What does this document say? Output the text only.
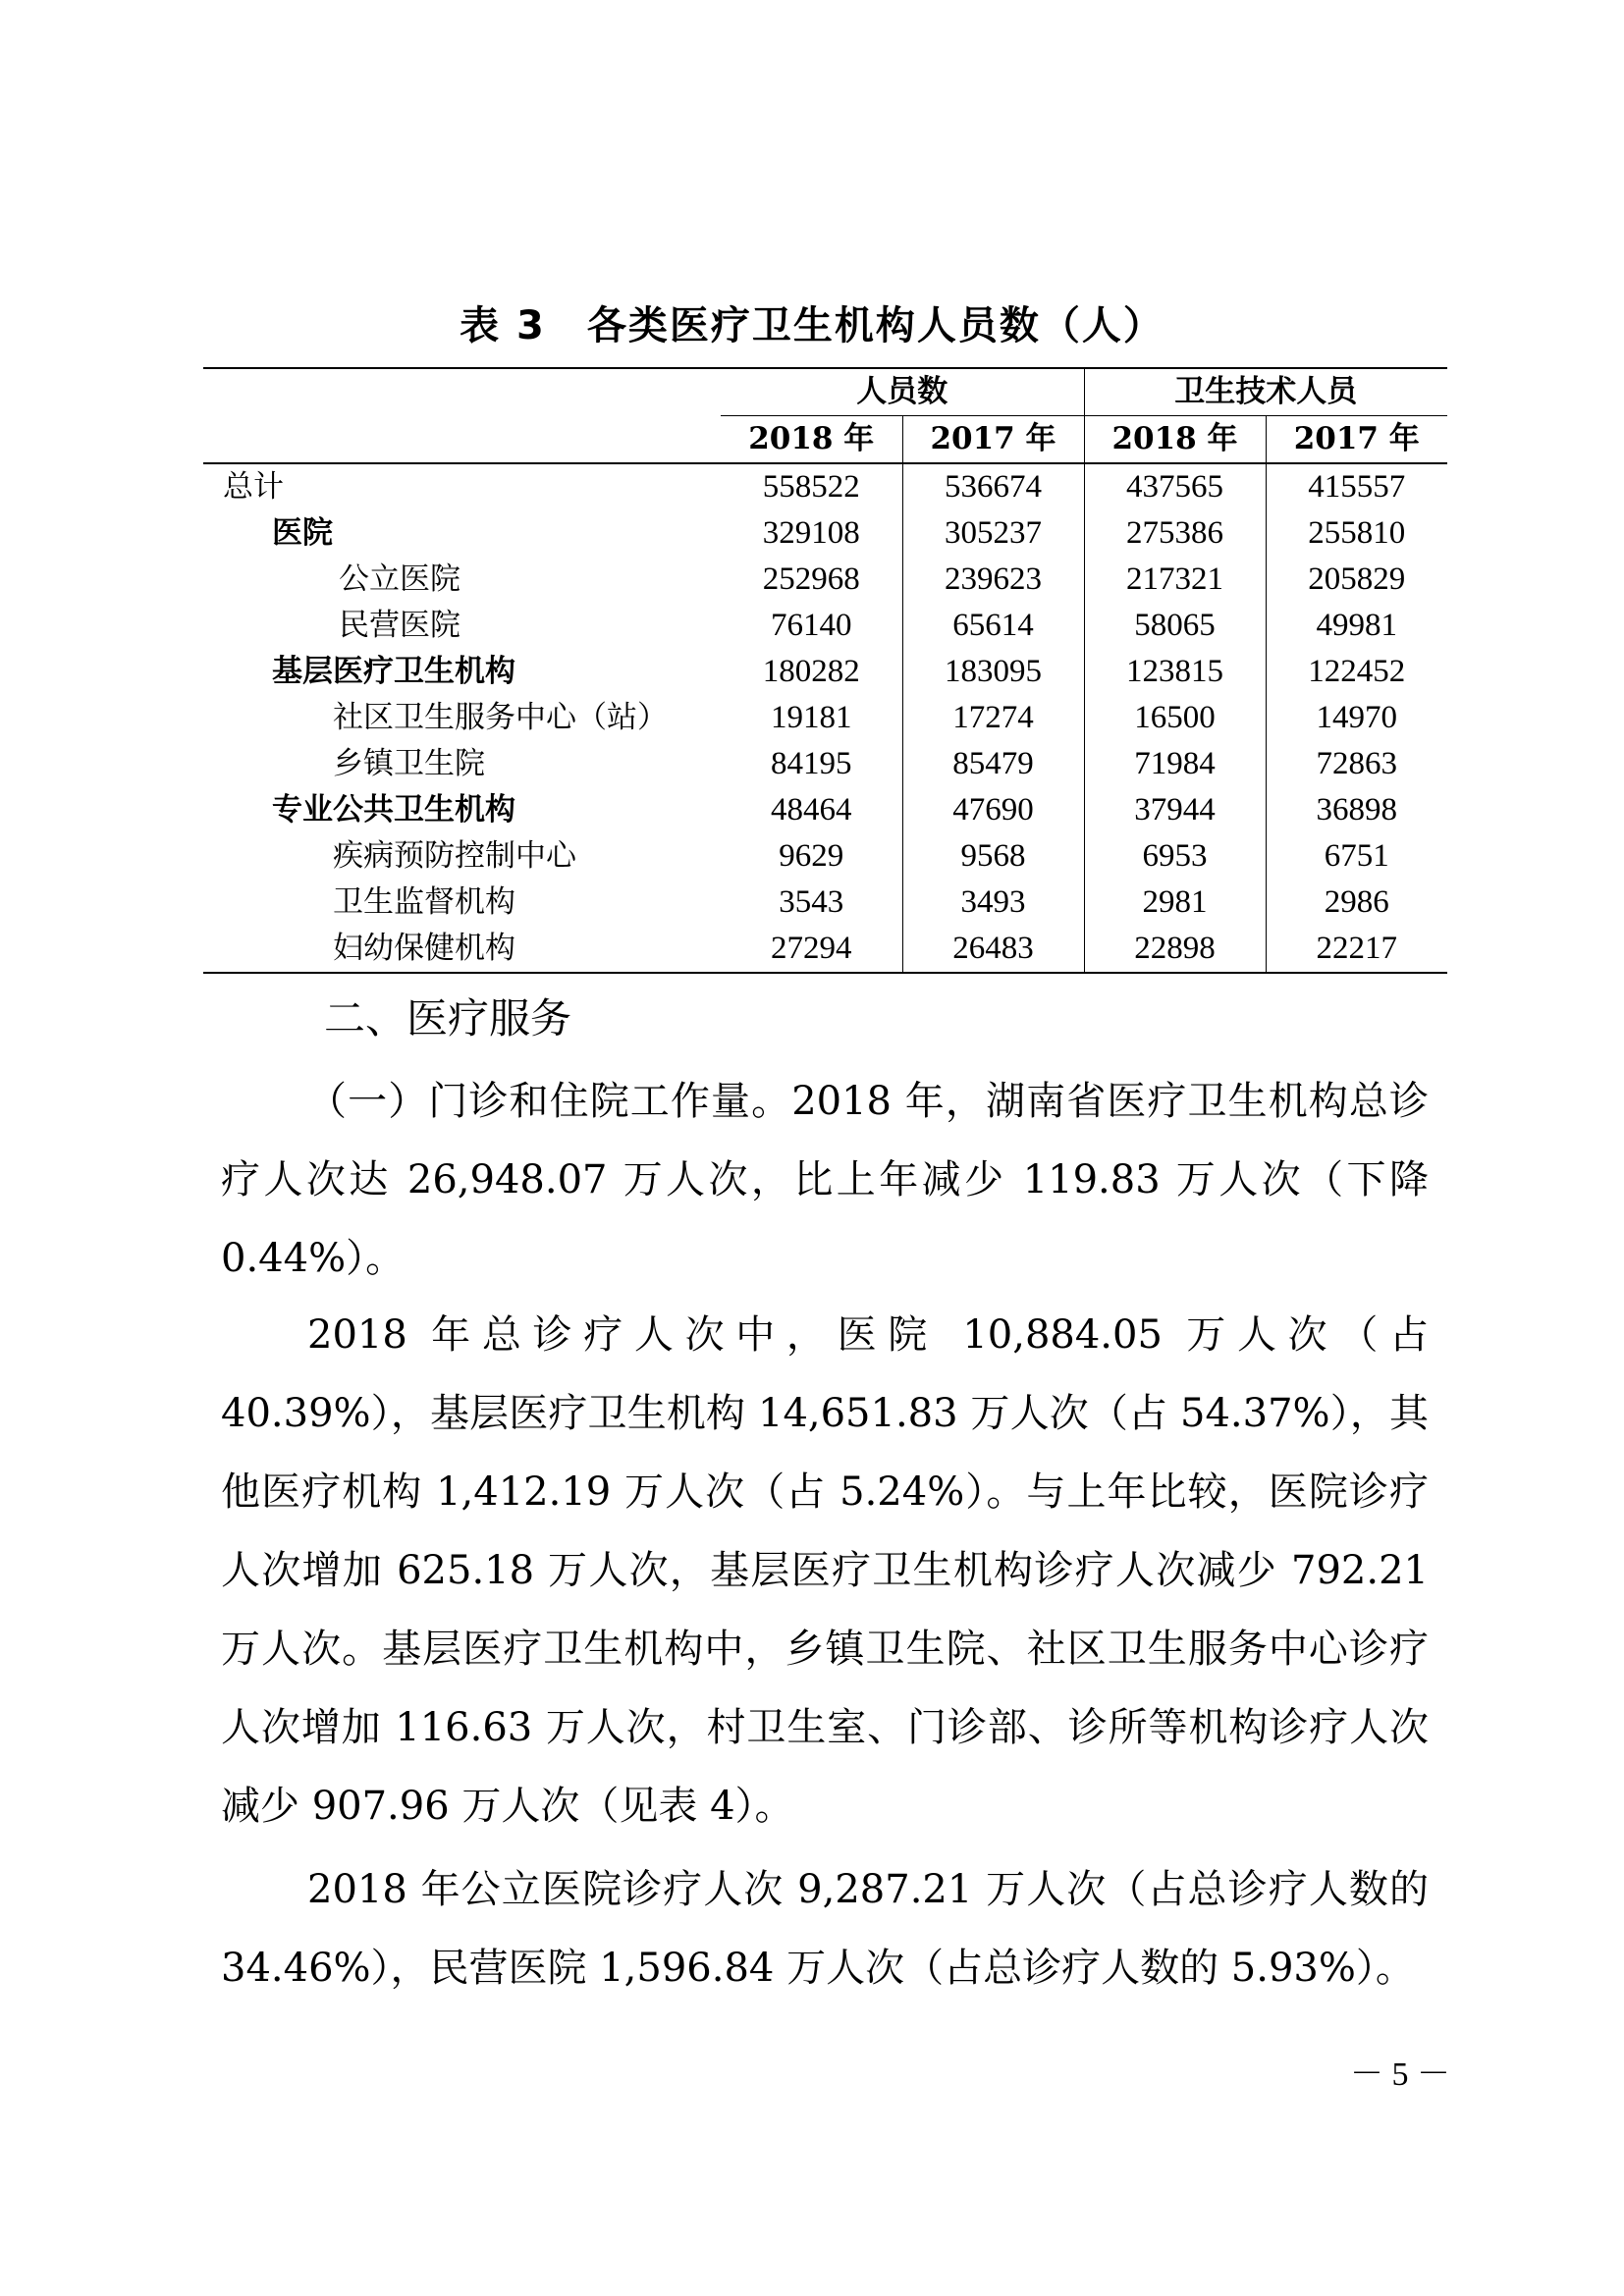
表 3　各类医疗卫生机构人员数（人）
	人员数		卫生技术人员	
	2018 年	2017 年	2018 年	2017 年
总计	558522	536674	437565	415557
医院	329108	305237	275386	255810
公立医院	252968	239623	217321	205829
民营医院	76140	65614	58065	49981
基层医疗卫生机构	180282	183095	123815	122452
社区卫生服务中心（站）	19181	17274	16500	14970
乡镇卫生院	84195	85479	71984	72863
专业公共卫生机构	48464	47690	37944	36898
疾病预防控制中心	9629	9568	6953	6751
卫生监督机构	3543	3493	2981	2986
妇幼保健机构	27294	26483	22898	22217
二、医疗服务

（一）门诊和住院工作量。2018 年，湖南省医疗卫生机构总诊疗人次达 26,948.07 万人次，比上年减少 119.83 万人次（下降 0.44%）。

2018 年总诊疗人次中，医院 10,884.05 万人次（占 40.39%），基层医疗卫生机构 14,651.83 万人次（占 54.37%），其他医疗机构 1,412.19 万人次（占 5.24%）。与上年比较，医院诊疗人次增加 625.18 万人次，基层医疗卫生机构诊疗人次减少 792.21 万人次。基层医疗卫生机构中，乡镇卫生院、社区卫生服务中心诊疗人次增加 116.63 万人次，村卫生室、门诊部、诊所等机构诊疗人次减少 907.96 万人次（见表 4）。

2018 年公立医院诊疗人次 9,287.21 万人次（占总诊疗人数的 34.46%），民营医院 1,596.84 万人次（占总诊疗人数的 5.93%）。

－ 5 －
